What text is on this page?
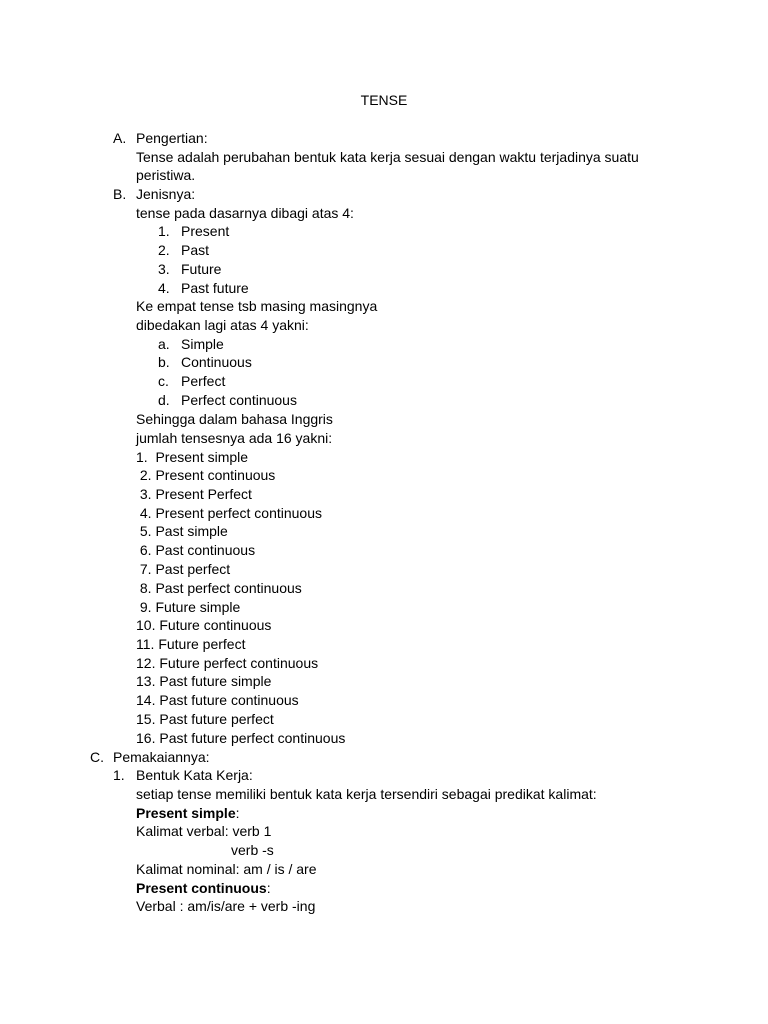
TENSE
A. Pengertian:
Tense adalah perubahan bentuk kata kerja sesuai dengan waktu terjadinya suatu
peristiwa.
B. Jenisnya:
tense pada dasarnya dibagi atas 4:
1. Present
2. Past
3. Future
4. Past future
Ke empat tense tsb masing masingnya
dibedakan lagi atas 4 yakni:
a. Simple
b. Continuous
c. Perfect
d. Perfect continuous
Sehingga dalam bahasa Inggris
jumlah tensesnya ada 16 yakni:
1.  Present simple
2. Present continuous
3. Present Perfect
4. Present perfect continuous
5. Past simple
6. Past continuous
7. Past perfect
8. Past perfect continuous
9. Future simple
10. Future continuous
11. Future perfect
12. Future perfect continuous
13. Past future simple
14. Past future continuous
15. Past future perfect
16. Past future perfect continuous
C. Pemakaiannya:
1. Bentuk Kata Kerja:
setiap tense memiliki bentuk kata kerja tersendiri sebagai predikat kalimat:
Present simple:
Kalimat verbal: verb 1
verb -s
Kalimat nominal: am / is / are
Present continuous:
Verbal : am/is/are + verb -ing
